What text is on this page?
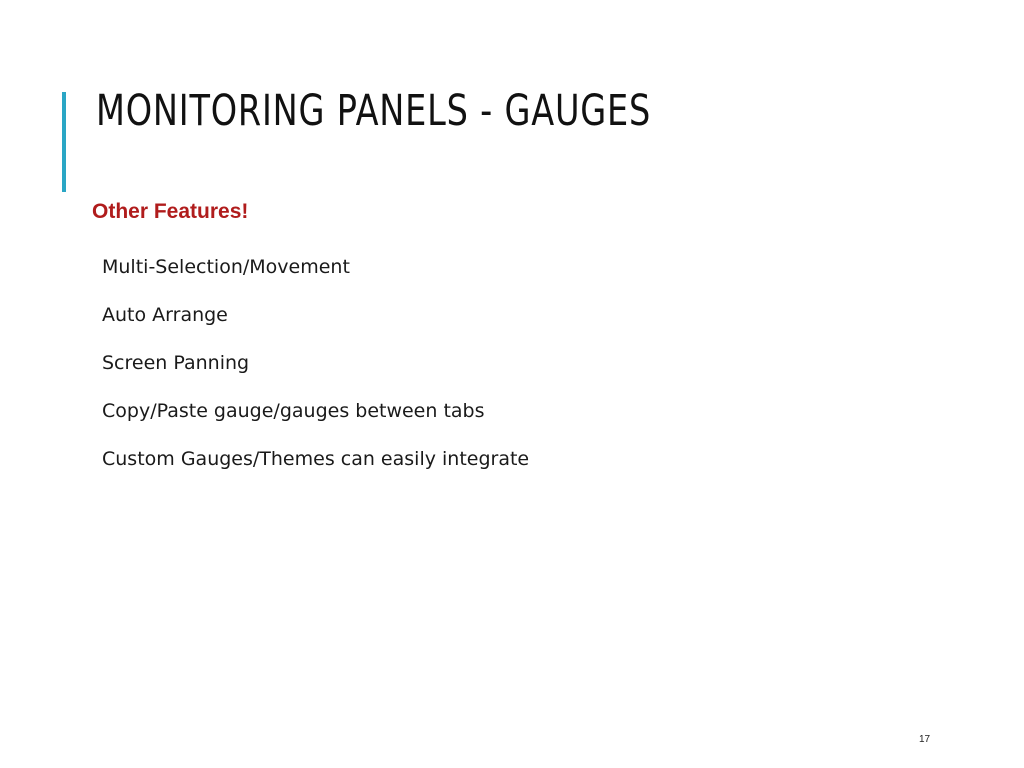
MONITORING PANELS - GAUGES
Other Features!
Multi-Selection/Movement
Auto Arrange
Screen Panning
Copy/Paste gauge/gauges between tabs
Custom Gauges/Themes can easily integrate
17
